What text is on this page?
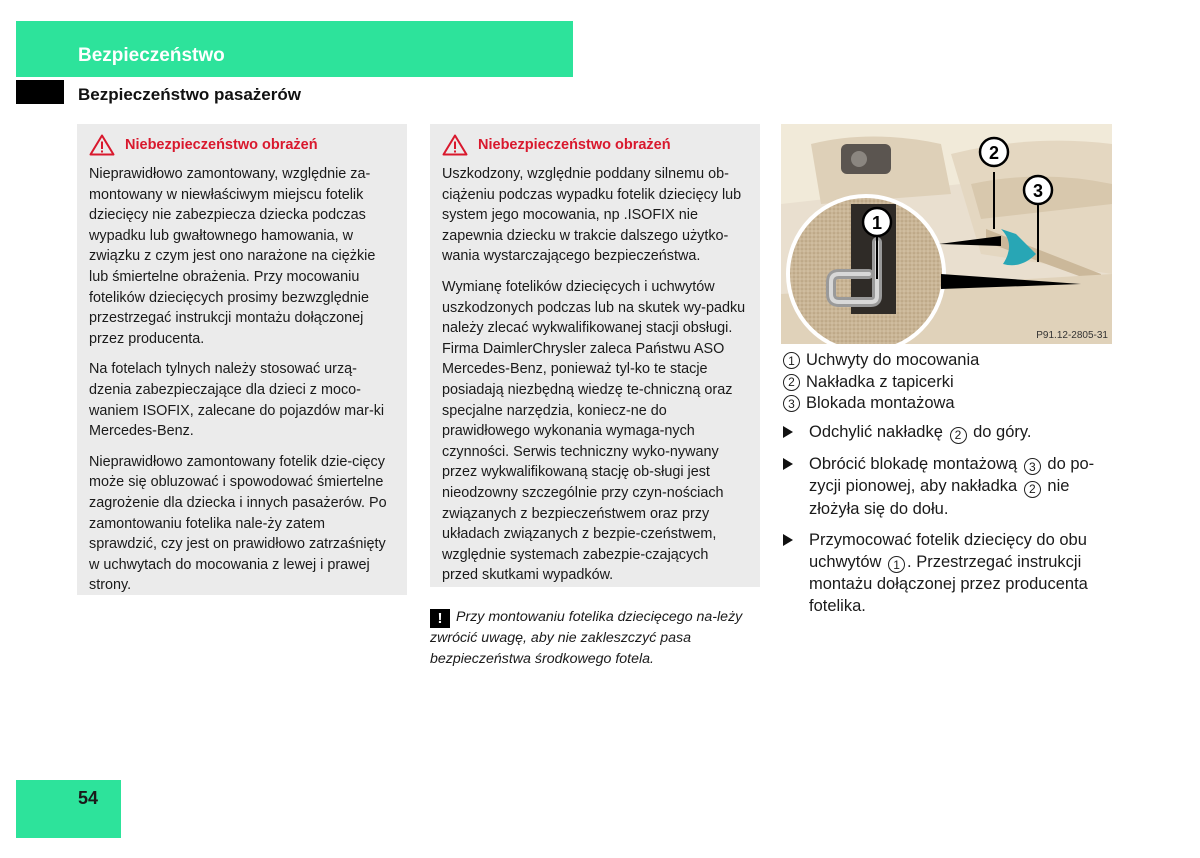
Bezpieczeństwo
Bezpieczeństwo pasażerów
Niebezpieczeństwo obrażeń

Nieprawidłowo zamontowany, względnie za-montowany w niewłaściwym miejscu fotelik dziecięcy nie zabezpiecza dziecka podczas wypadku lub gwałtownego hamowania, w związku z czym jest ono narażone na ciężkie lub śmiertelne obrażenia. Przy mocowaniu fotelików dziecięcych prosimy bezwzględnie przestrzegać instrukcji montażu dołączonej przez producenta.

Na fotelach tylnych należy stosować urzą-dzenia zabezpieczające dla dzieci z moco-waniem ISOFIX, zalecane do pojazdów mar-ki Mercedes-Benz.

Nieprawidłowo zamontowany fotelik dzie-cięcy może się obluzować i spowodować śmiertelne zagrożenie dla dziecka i innych pasażerów. Po zamontowaniu fotelika nale-ży zatem sprawdzić, czy jest on prawidłowo zatrzaśnięty w uchwytach do mocowania z lewej i prawej strony.

Niebezpieczeństwo obrażeń

Uszkodzony, względnie poddany silnemu ob-ciążeniu podczas wypadku fotelik dziecięcy lub system jego mocowania, np .ISOFIX nie zapewnia dziecku w trakcie dalszego użytko-wania wystarczającego bezpieczeństwa.

Wymianę fotelików dziecięcych i uchwytów uszkodzonych podczas lub na skutek wy-padku należy zlecać wykwalifikowanej stacji obsługi. Firma DaimlerChrysler zaleca Państwu ASO Mercedes-Benz, ponieważ tyl-ko te stacje posiadają niezbędną wiedzę te-chniczną oraz specjalne narzędzia, koniecz-ne do prawidłowego wykonania wymaga-nych czynności. Serwis techniczny wyko-nywany przez wykwalifikowaną stację ob-sługi jest nieodzowny szczególnie przy czyn-nościach związanych z bezpieczeństwem oraz przy układach związanych z bezpie-czeństwem, względnie systemach zabezpie-czających przed skutkami wypadków.

! Przy montowaniu fotelika dziecięcego na-leży zwrócić uwagę, aby nie zakleszczyć pasa bezpieczeństwa środkowego fotela.
2
3
1
P91.12-2805-31
1 Uchwyty do mocowania
2 Nakładka z tapicerki
3 Blokada montażowa
Odchylić nakładkę 2 do góry.
Obrócić blokadę montażową 3 do po-zycji pionowej, aby nakładka 2 nie złożyła się do dołu.
Przymocować fotelik dziecięcy do obu uchwytów 1 . Przestrzegać instrukcji montażu dołączonej przez producenta fotelika.
54
